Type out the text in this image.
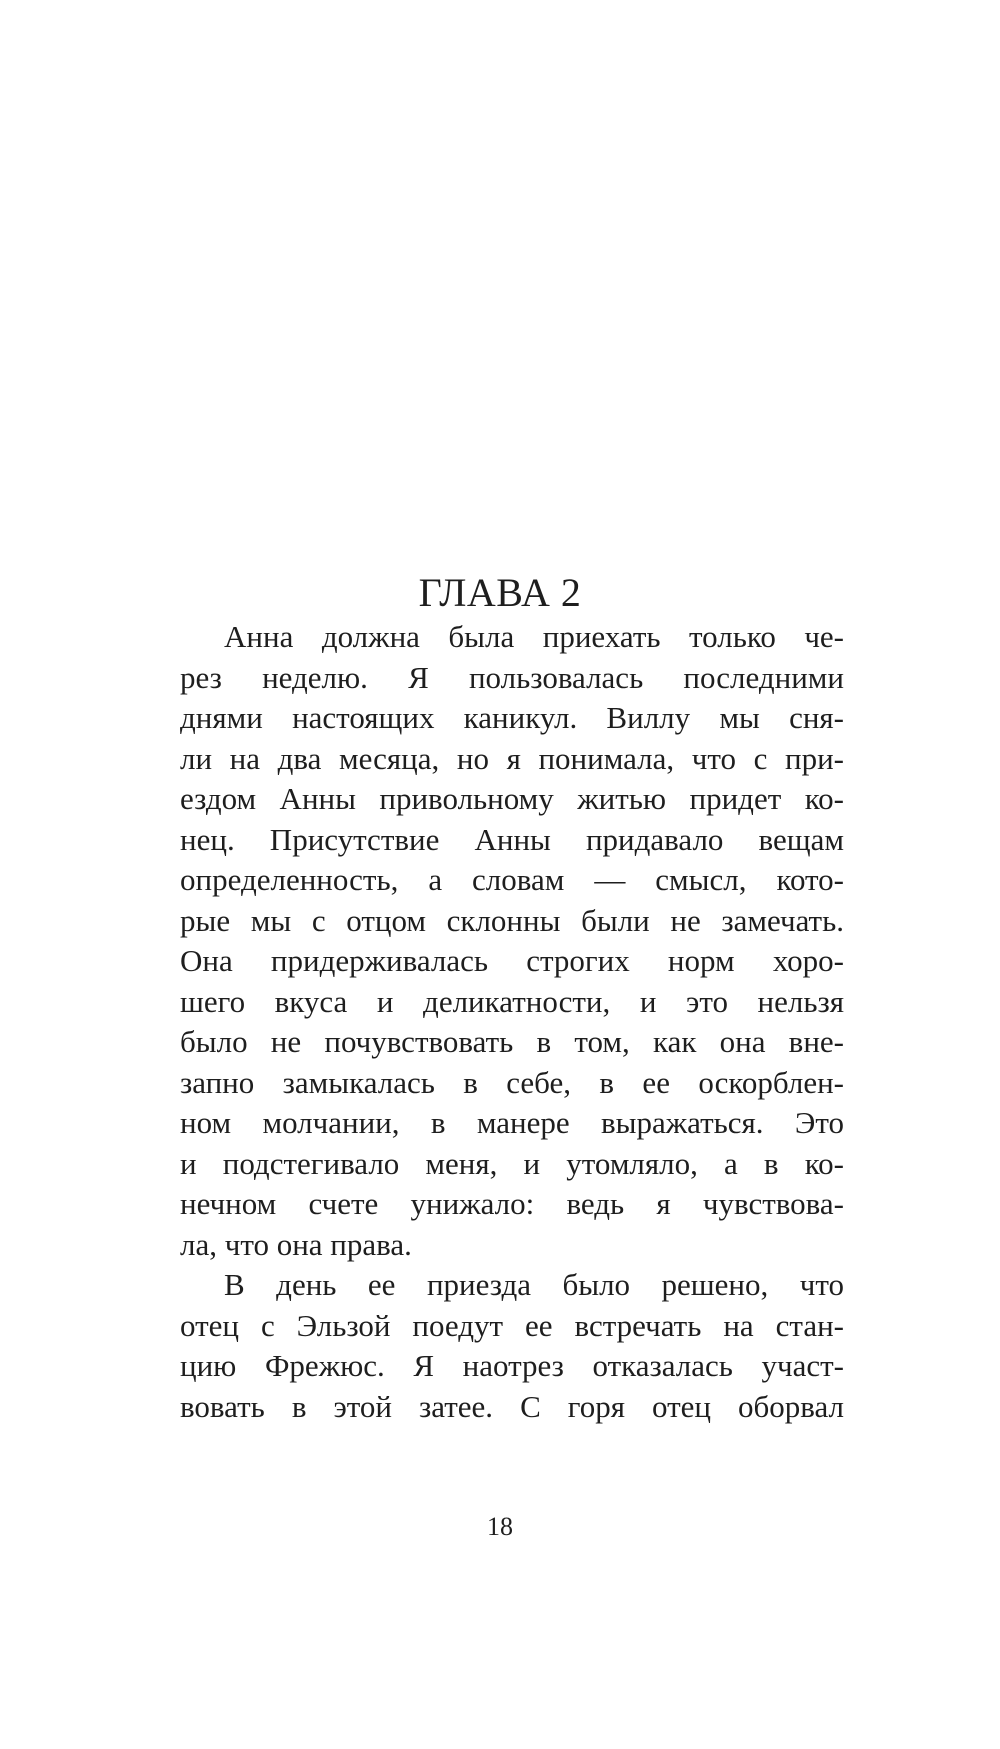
ГЛАВА 2
Анна должна была приехать только че-
рез неделю. Я пользовалась последними
днями настоящих каникул. Виллу мы сня-
ли на два месяца, но я понимала, что с при-
ездом Анны привольному житью придет ко-
нец. Присутствие Анны придавало вещам
определенность, а словам — смысл, кото-
рые мы с отцом склонны были не замечать.
Она придерживалась строгих норм хоро-
шего вкуса и деликатности, и это нельзя
было не почувствовать в том, как она вне-
запно замыкалась в себе, в ее оскорблен-
ном молчании, в манере выражаться. Это
и подстегивало меня, и утомляло, а в ко-
нечном счете унижало: ведь я чувствова-
ла, что она права.
В день ее приезда было решено, что
отец с Эльзой поедут ее встречать на стан-
цию Фрежюс. Я наотрез отказалась участ-
вовать в этой затее. С горя отец оборвал
18
